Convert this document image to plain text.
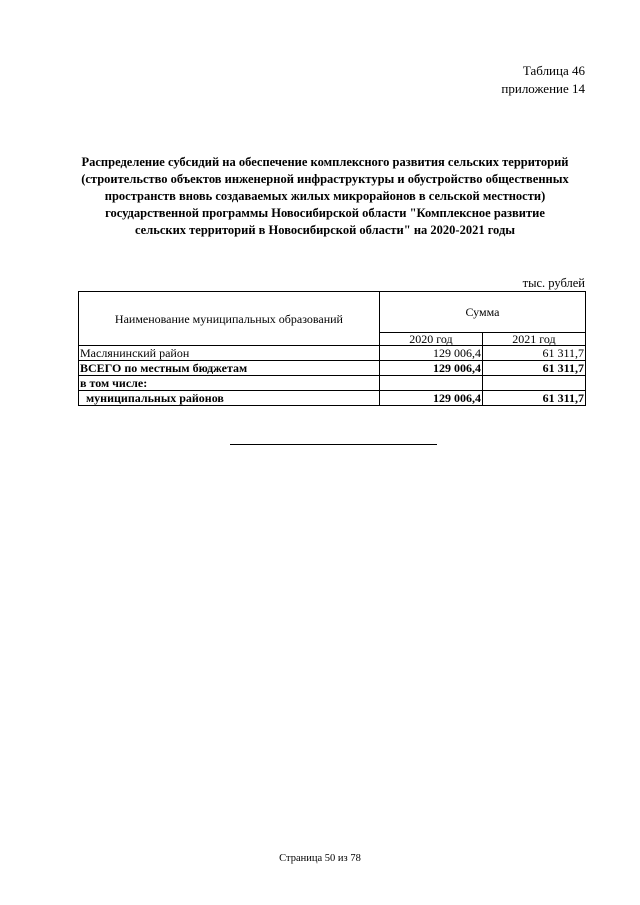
Таблица 46
приложение 14
Распределение субсидий на обеспечение комплексного развития сельских территорий
(строительство объектов инженерной инфраструктуры и обустройство общественных
пространств вновь создаваемых жилых микрорайонов в сельской местности)
государственной программы Новосибирской области "Комплексное развитие
сельских территорий в Новосибирской области" на 2020-2021 годы
тыс. рублей
Наименование муниципальных образований	Сумма	
	2020 год	2021 год
Маслянинский район	129 006,4	61 311,7
ВСЕГО по местным бюджетам	129 006,4	61 311,7
в том числе:		
муниципальных районов	129 006,4	61 311,7
Страница 50 из 78
